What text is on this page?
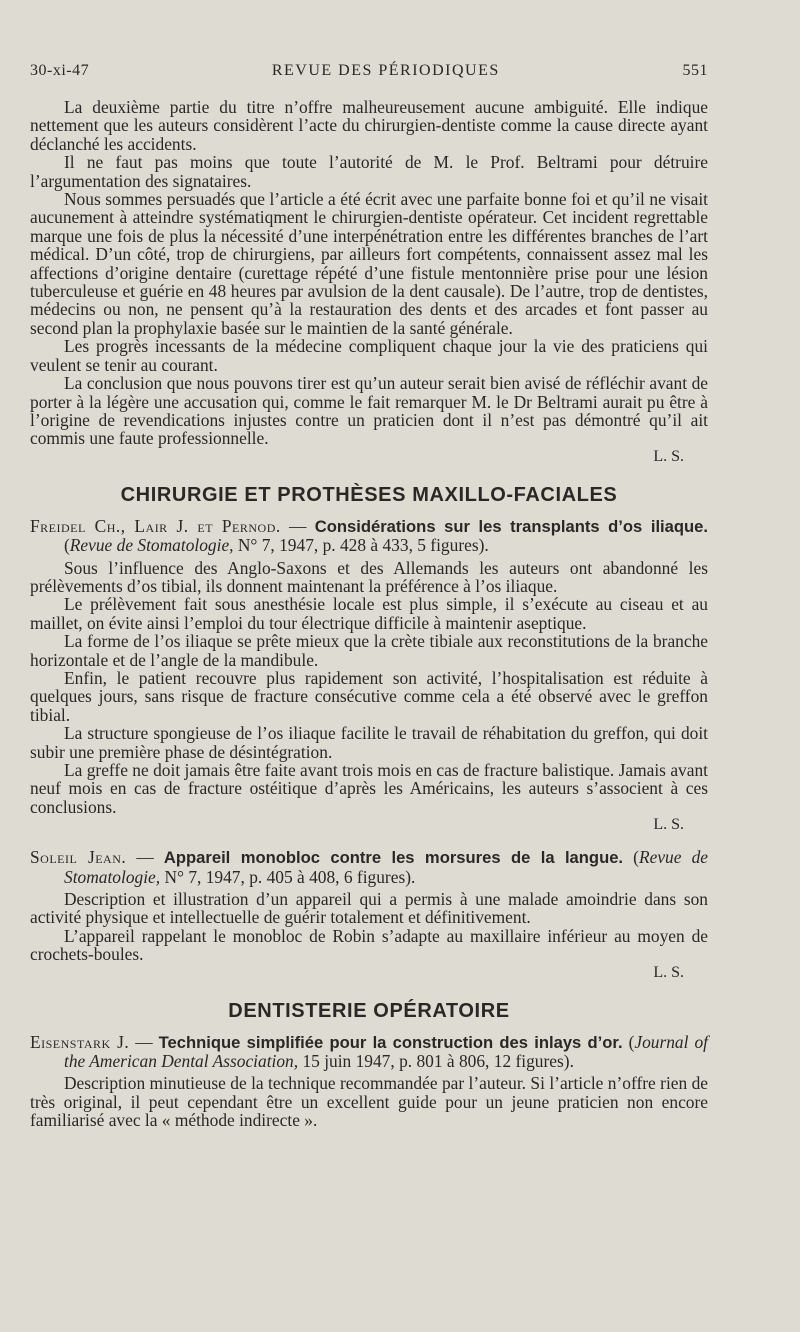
30-xi-47	REVUE DES PÉRIODIQUES	551

La deuxième partie du titre n’offre malheureusement aucune ambiguité. Elle indique nettement que les auteurs considèrent l’acte du chirurgien-dentiste comme la cause directe ayant déclanché les accidents.

Il ne faut pas moins que toute l’autorité de M. le Prof. Beltrami pour détruire l’argumentation des signataires.

Nous sommes persuadés que l’article a été écrit avec une parfaite bonne foi et qu’il ne visait aucunement à atteindre systématiqment le chirurgien-dentiste opérateur. Cet incident regrettable marque une fois de plus la nécessité d’une interpénétration entre les différentes branches de l’art médical. D’un côté, trop de chirurgiens, par ailleurs fort compétents, connaissent assez mal les affections d’origine dentaire (curettage répété d’une fistule mentonnière prise pour une lésion tuberculeuse et guérie en 48 heures par avulsion de la dent causale). De l’autre, trop de dentistes, médecins ou non, ne pensent qu’à la restauration des dents et des arcades et font passer au second plan la prophylaxie basée sur le maintien de la santé générale.

Les progrès incessants de la médecine compliquent chaque jour la vie des praticiens qui veulent se tenir au courant.

La conclusion que nous pouvons tirer est qu’un auteur serait bien avisé de réfléchir avant de porter à la légère une accusation qui, comme le fait remarquer M. le Dr Beltrami aurait pu être à l’origine de revendications injustes contre un praticien dont il n’est pas démontré qu’il ait commis une faute professionnelle.

L. S.
CHIRURGIE ET PROTHÈSES MAXILLO-FACIALES
Freidel Ch., Lair J. et Pernod. — Considérations sur les transplants d’os iliaque. (Revue de Stomatologie, N° 7, 1947, p. 428 à 433, 5 figures).

Sous l’influence des Anglo-Saxons et des Allemands les auteurs ont abandonné les prélèvements d’os tibial, ils donnent maintenant la préférence à l’os iliaque.

Le prélèvement fait sous anesthésie locale est plus simple, il s’exécute au ciseau et au maillet, on évite ainsi l’emploi du tour électrique difficile à maintenir aseptique.

La forme de l’os iliaque se prête mieux que la crète tibiale aux reconstitutions de la branche horizontale et de l’angle de la mandibule.

Enfin, le patient recouvre plus rapidement son activité, l’hospitalisation est réduite à quelques jours, sans risque de fracture consécutive comme cela a été observé avec le greffon tibial.

La structure spongieuse de l’os iliaque facilite le travail de réhabitation du greffon, qui doit subir une première phase de désintégration.

La greffe ne doit jamais être faite avant trois mois en cas de fracture balistique. Jamais avant neuf mois en cas de fracture ostéitique d’après les Américains, les auteurs s’associent à ces conclusions.

L. S.
Soleil Jean. — Appareil monobloc contre les morsures de la langue. (Revue de Stomatologie, N° 7, 1947, p. 405 à 408, 6 figures).

Description et illustration d’un appareil qui a permis à une malade amoindrie dans son activité physique et intellectuelle de guérir totalement et définitivement.

L’appareil rappelant le monobloc de Robin s’adapte au maxillaire inférieur au moyen de crochets-boules.

L. S.
DENTISTERIE OPÉRATOIRE
Eisenstark J. — Technique simplifiée pour la construction des inlays d’or. (Journal of the American Dental Association, 15 juin 1947, p. 801 à 806, 12 figures).

Description minutieuse de la technique recommandée par l’auteur. Si l’article n’offre rien de très original, il peut cependant être un excellent guide pour un jeune praticien non encore familiarisé avec la « méthode indirecte ».
